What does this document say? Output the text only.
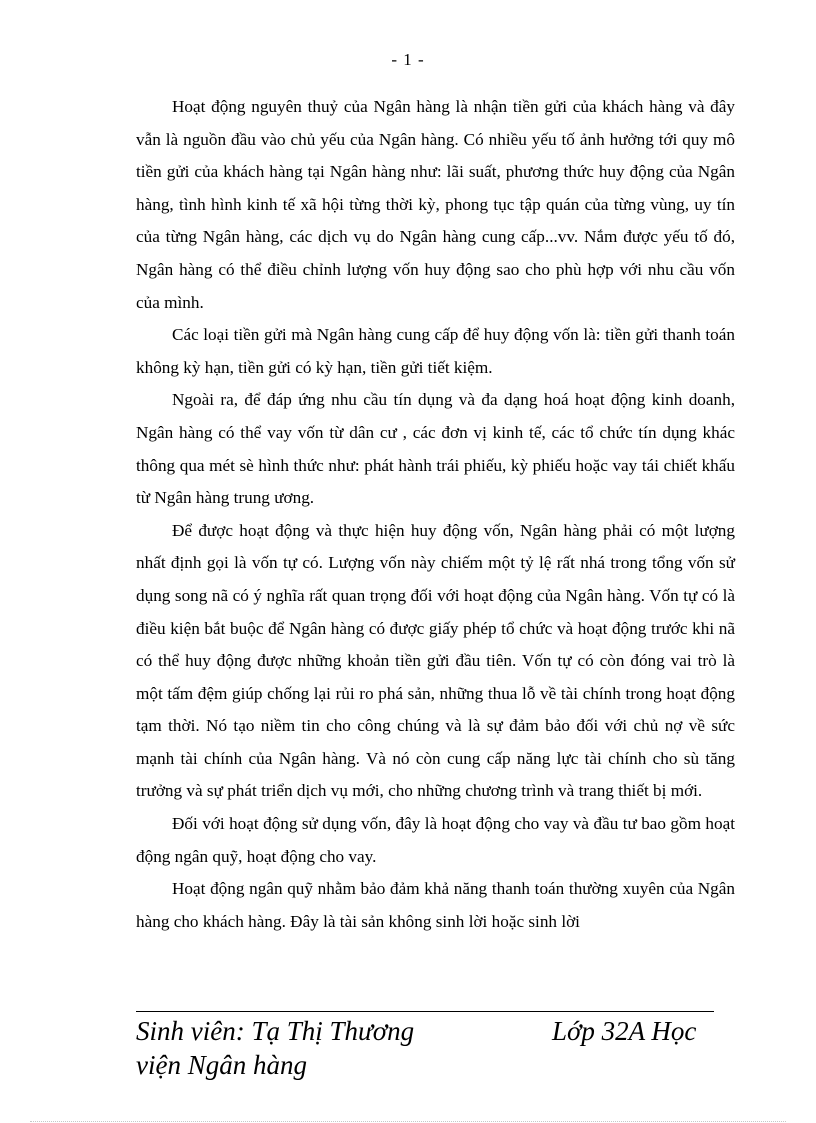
- 1 -

Hoạt động nguyên thuỷ của Ngân hàng là nhận tiền gửi của khách hàng và đây vẫn là nguồn đầu vào chủ yếu của Ngân hàng. Có nhiều yếu tố ảnh hưởng tới quy mô tiền gửi của khách hàng tại Ngân hàng như: lãi suất, phương thức huy động của Ngân hàng, tình hình kinh tế xã hội từng thời kỳ, phong tục tập quán của từng vùng, uy tín của từng Ngân hàng, các dịch vụ do Ngân hàng cung cấp...vv. Nắm được yếu tố đó, Ngân hàng có thể điều chỉnh lượng vốn huy động sao cho phù hợp với nhu cầu vốn của mình.

Các loại tiền gửi mà Ngân hàng cung cấp để huy động vốn là: tiền gửi thanh toán không kỳ hạn, tiền gửi có kỳ hạn, tiền gửi tiết kiệm.

Ngoài ra, để đáp ứng nhu cầu tín dụng và đa dạng hoá hoạt động kinh doanh, Ngân hàng có thể vay vốn từ dân cư , các đơn vị kinh tế, các tổ chức tín dụng khác thông qua mét sè hình thức như: phát hành trái phiếu, kỳ phiếu hoặc vay tái chiết khấu từ Ngân hàng trung ương.

Để được hoạt động và thực hiện huy động vốn, Ngân hàng phải có một lượng nhất định gọi là vốn tự có. Lượng vốn này chiếm một tỷ lệ rất nhá trong tổng vốn sử dụng song nã có ý nghĩa rất quan trọng đối với hoạt động của Ngân hàng. Vốn tự có là điều kiện bắt buộc để Ngân hàng có được giấy phép tổ chức và hoạt động trước khi nã có thể huy động được những khoản tiền gửi đầu tiên. Vốn tự có còn đóng vai trò là một tấm đệm giúp chống lại rủi ro phá sản, những thua lỗ về tài chính trong hoạt động tạm thời. Nó tạo niềm tin cho công chúng và là sự đảm bảo đối với chủ nợ về sức mạnh tài chính của Ngân hàng. Và nó còn cung cấp năng lực tài chính cho sù tăng trưởng và sự phát triển dịch vụ mới, cho những chương trình và trang thiết bị mới.

Đối với hoạt động sử dụng vốn, đây là hoạt động cho vay và đầu tư bao gồm hoạt động ngân quỹ, hoạt động cho vay.

Hoạt động ngân quỹ nhằm bảo đảm khả năng thanh toán thường xuyên của Ngân hàng cho khách hàng. Đây là tài sản không sinh lời hoặc sinh lời

Sinh viên: Tạ Thị Thương	Lớp 32A Học
viện Ngân hàng
